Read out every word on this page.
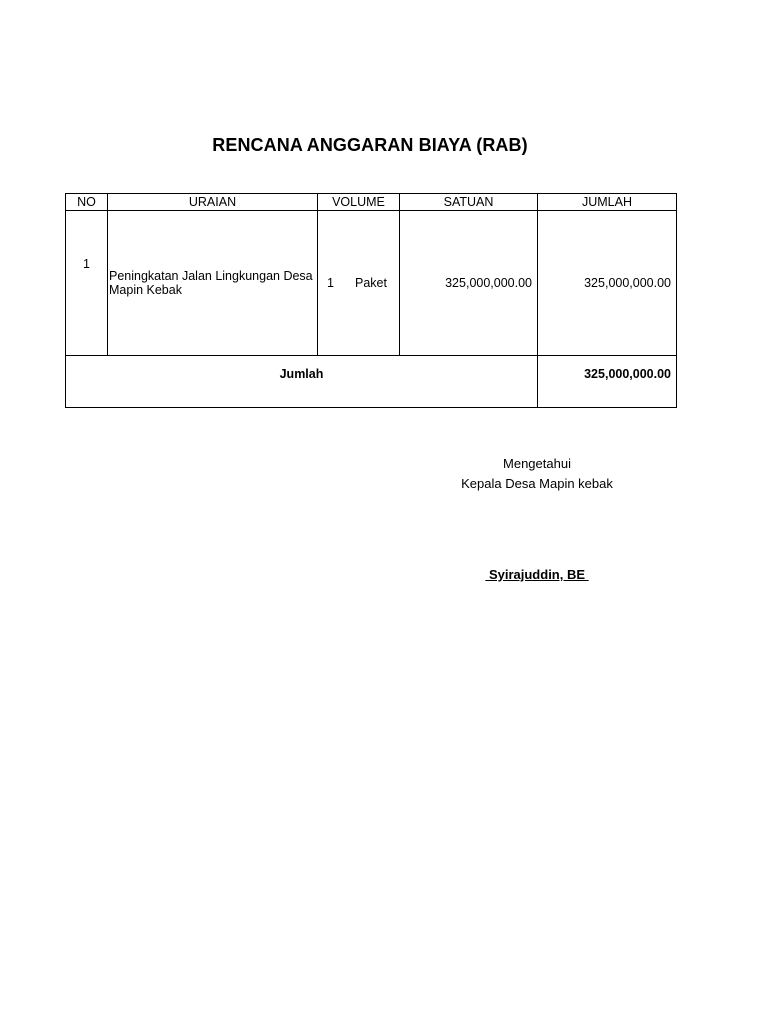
RENCANA ANGGARAN BIAYA (RAB)
NO	URAIAN	VOLUME	SATUAN	JUMLAH

1	Peningkatan Jalan Lingkungan Desa Mapin Kebak	1 Paket	325,000,000.00	325,000,000.00
Jumlah				325,000,000.00
Mengetahui
Kepala Desa Mapin kebak
Syirajuddin, BE
